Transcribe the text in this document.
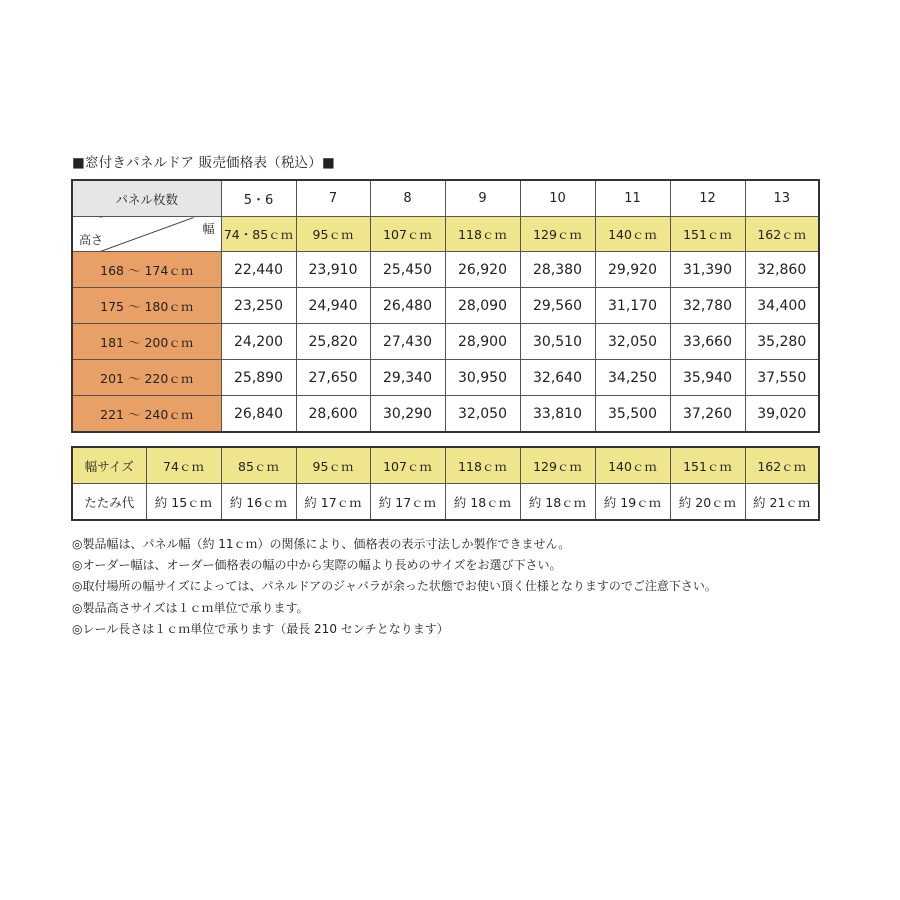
■窓付きパネルドア 販売価格表（税込）■
パネル枚数	5・6	7	8	9	10	11	12	13

幅
高さ	74・85ｃｍ	95ｃｍ	107ｃｍ	118ｃｍ	129ｃｍ	140ｃｍ	151ｃｍ	162ｃｍ
168 ～ 174ｃｍ	22,440	23,910	25,450	26,920	28,380	29,920	31,390	32,860
175 ～ 180ｃｍ	23,250	24,940	26,480	28,090	29,560	31,170	32,780	34,400
181 ～ 200ｃｍ	24,200	25,820	27,430	28,900	30,510	32,050	33,660	35,280
201 ～ 220ｃｍ	25,890	27,650	29,340	30,950	32,640	34,250	35,940	37,550
221 ～ 240ｃｍ	26,840	28,600	30,290	32,050	33,810	35,500	37,260	39,020
幅サイズ	74ｃｍ	85ｃｍ	95ｃｍ	107ｃｍ	118ｃｍ	129ｃｍ	140ｃｍ	151ｃｍ	162ｃｍ
たたみ代	約 15ｃｍ	約 16ｃｍ	約 17ｃｍ	約 17ｃｍ	約 18ｃｍ	約 18ｃｍ	約 19ｃｍ	約 20ｃｍ	約 21ｃｍ
◎製品幅は、パネル幅（約 11ｃｍ）の関係により、価格表の表示寸法しか製作できません。
◎オーダー幅は、オーダー価格表の幅の中から実際の幅より長めのサイズをお選び下さい。
◎取付場所の幅サイズによっては、パネルドアのジャバラが余った状態でお使い頂く仕様となりますのでご注意下さい。
◎製品高さサイズは１ｃｍ単位で承ります。
◎レール長さは１ｃｍ単位で承ります（最長 210 センチとなります）
